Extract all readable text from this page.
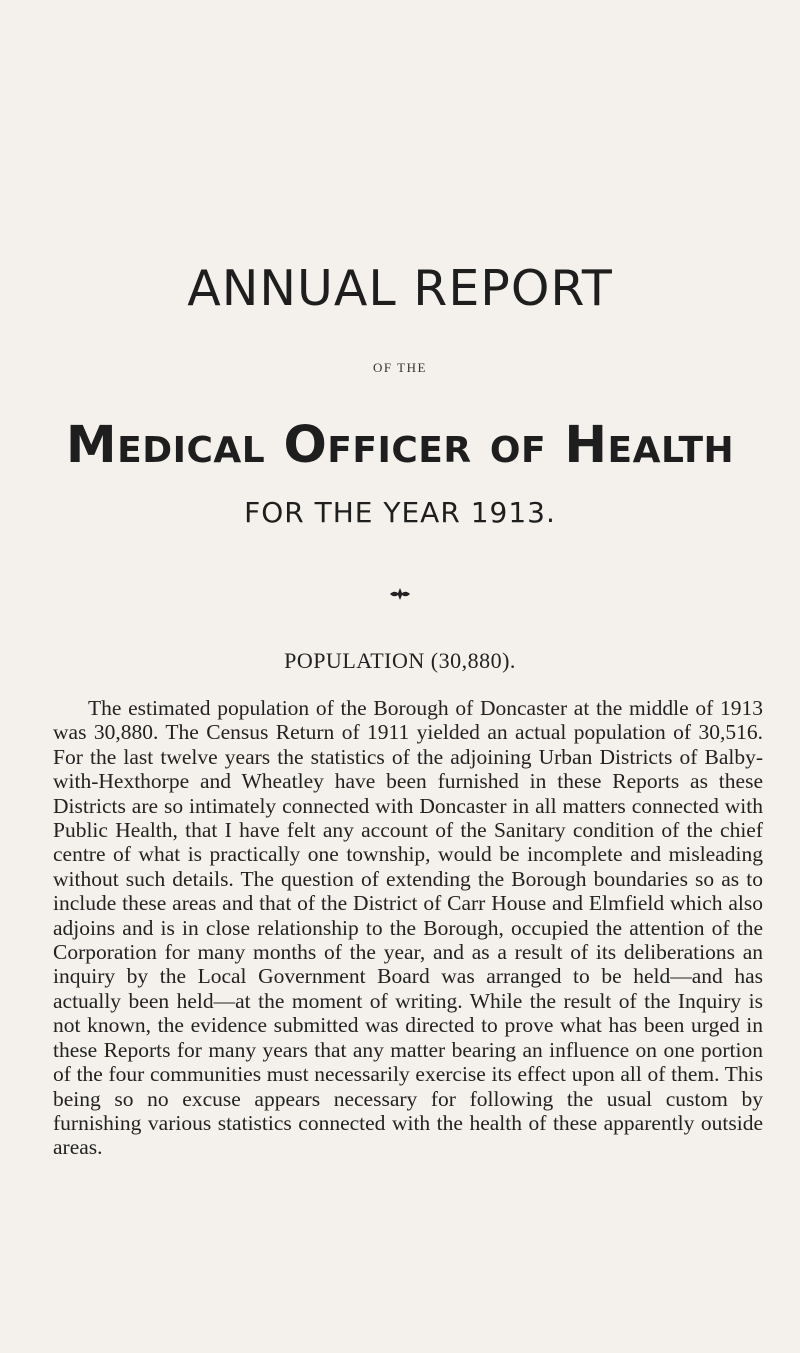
ANNUAL REPORT
OF THE
Medical Officer of Health
FOR THE YEAR 1913.
POPULATION (30,880).

The estimated population of the Borough of Doncaster at the middle of 1913 was 30,880. The Census Return of 1911 yielded an actual population of 30,516. For the last twelve years the statistics of the adjoining Urban Districts of Balby-with-Hexthorpe and Wheatley have been furnished in these Reports as these Districts are so intimately connected with Doncaster in all matters connected with Public Health, that I have felt any account of the Sanitary condition of the chief centre of what is practically one township, would be incomplete and misleading without such details. The question of extending the Borough boundaries so as to include these areas and that of the District of Carr House and Elmfield which also adjoins and is in close relationship to the Borough, occupied the attention of the Corporation for many months of the year, and as a result of its deliberations an inquiry by the Local Government Board was arranged to be held—and has actually been held—at the moment of writing. While the result of the Inquiry is not known, the evidence submitted was directed to prove what has been urged in these Reports for many years that any matter bearing an influence on one portion of the four communities must necessarily exercise its effect upon all of them. This being so no excuse appears necessary for following the usual custom by furnishing various statistics connected with the health of these apparently outside areas.
